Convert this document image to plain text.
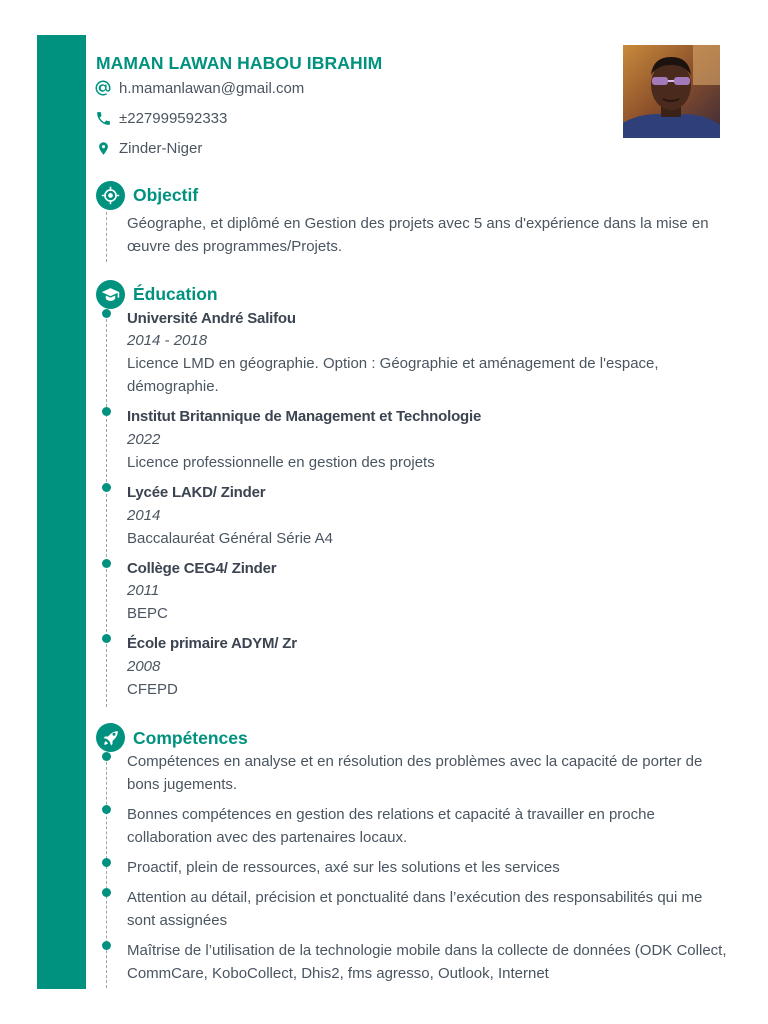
MAMAN LAWAN HABOU IBRAHIM
h.mamanlawan@gmail.com
±227999592333
Zinder-Niger
Objectif
Géographe, et diplômé en Gestion des projets avec 5 ans d'expérience dans la mise en œuvre des programmes/Projets.
Éducation
Université André Salifou
2014 - 2018
Licence LMD en géographie. Option : Géographie et aménagement de l'espace, démographie.
Institut Britannique de Management et Technologie
2022
Licence professionnelle en gestion des projets
Lycée LAKD/ Zinder
2014
Baccalauréat Général Série A4
Collège CEG4/ Zinder
2011
BEPC
École primaire ADYM/ Zr
2008
CFEPD
Compétences
Compétences en analyse et en résolution des problèmes avec la capacité de porter de bons jugements.
Bonnes compétences en gestion des relations et capacité à travailler en proche collaboration avec des partenaires locaux.
Proactif, plein de ressources, axé sur les solutions et les services
Attention au détail, précision et ponctualité dans l’exécution des responsabilités qui me sont assignées
Maîtrise de l’utilisation de la technologie mobile dans la collecte de données (ODK Collect, CommCare, KoboCollect, Dhis2, fms agresso, Outlook, Internet
